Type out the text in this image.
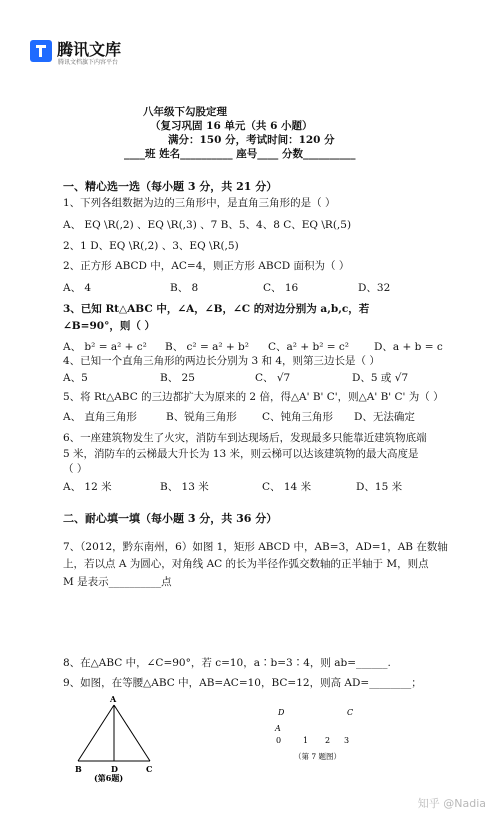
腾讯文库
腾讯文档旗下内容平台
八年级下勾股定理
（复习巩固 16 单元（共 6 小题）
满分：150 分，考试时间：120 分
____班 姓名__________ 座号____ 分数__________
一、精心选一选（每小题 3 分，共 21 分）
1、下列各组数据为边的三角形中，是直角三角形的是（ ）
A、 EQ \R(,2) 、EQ \R(,3) 、7 B、5、4、8 C、EQ \R(,5)
2、1 D、EQ \R(,2) 、3、EQ \R(,5)
2、正方形 ABCD 中，AC=4，则正方形 ABCD 面积为（ ）
A、 4	B、 8	C、 16	D、32
3、已知 Rt△ABC 中，∠A，∠B，∠C 的对边分别为 a,b,c，若
∠B=90°，则（ ）
A、 b² = a² + c² B、 c² = a² + b² C、a² + b² = c² D、a + b = c
4、已知一个直角三角形的两边长分别为 3 和 4，则第三边长是（ ）
A、5	B、 25	C、 √7	D、5 或 √7
5、将 Rt△ABC 的三边都扩大为原来的 2 倍，得△A' B' C'，则△A' B' C' 为（ ）
A、 直角三角形	B、锐角三角形 C、钝角三角形 D、无法确定
6、一座建筑物发生了火灾，消防车到达现场后，发现最多只能靠近建筑物底端
5 米，消防车的云梯最大升长为 13 米，则云梯可以达该建筑物的最大高度是
（ ）
A、 12 米	B、 13 米	C、 14 米	D、15 米
二、耐心填一填（每小题 3 分，共 36 分）
7、（2012，黔东南州，6）如图 1，矩形 ABCD 中，AB=3，AD=1，AB 在数轴
上，若以点 A 为圆心，对角线 AC 的长为半径作弧交数轴的正半轴于 M，则点
M 是表示__________点
8、在△ABC 中，∠C=90°，若 c=10，a∶b=3∶4，则 ab=______.
9、如图，在等腰△ABC 中，AB=AC=10，BC=12，则高 AD=________；
A
B	D	C
(第6题)
D	C
A
0	1 2 3
（第 7 题图）
知乎 @Nadia
